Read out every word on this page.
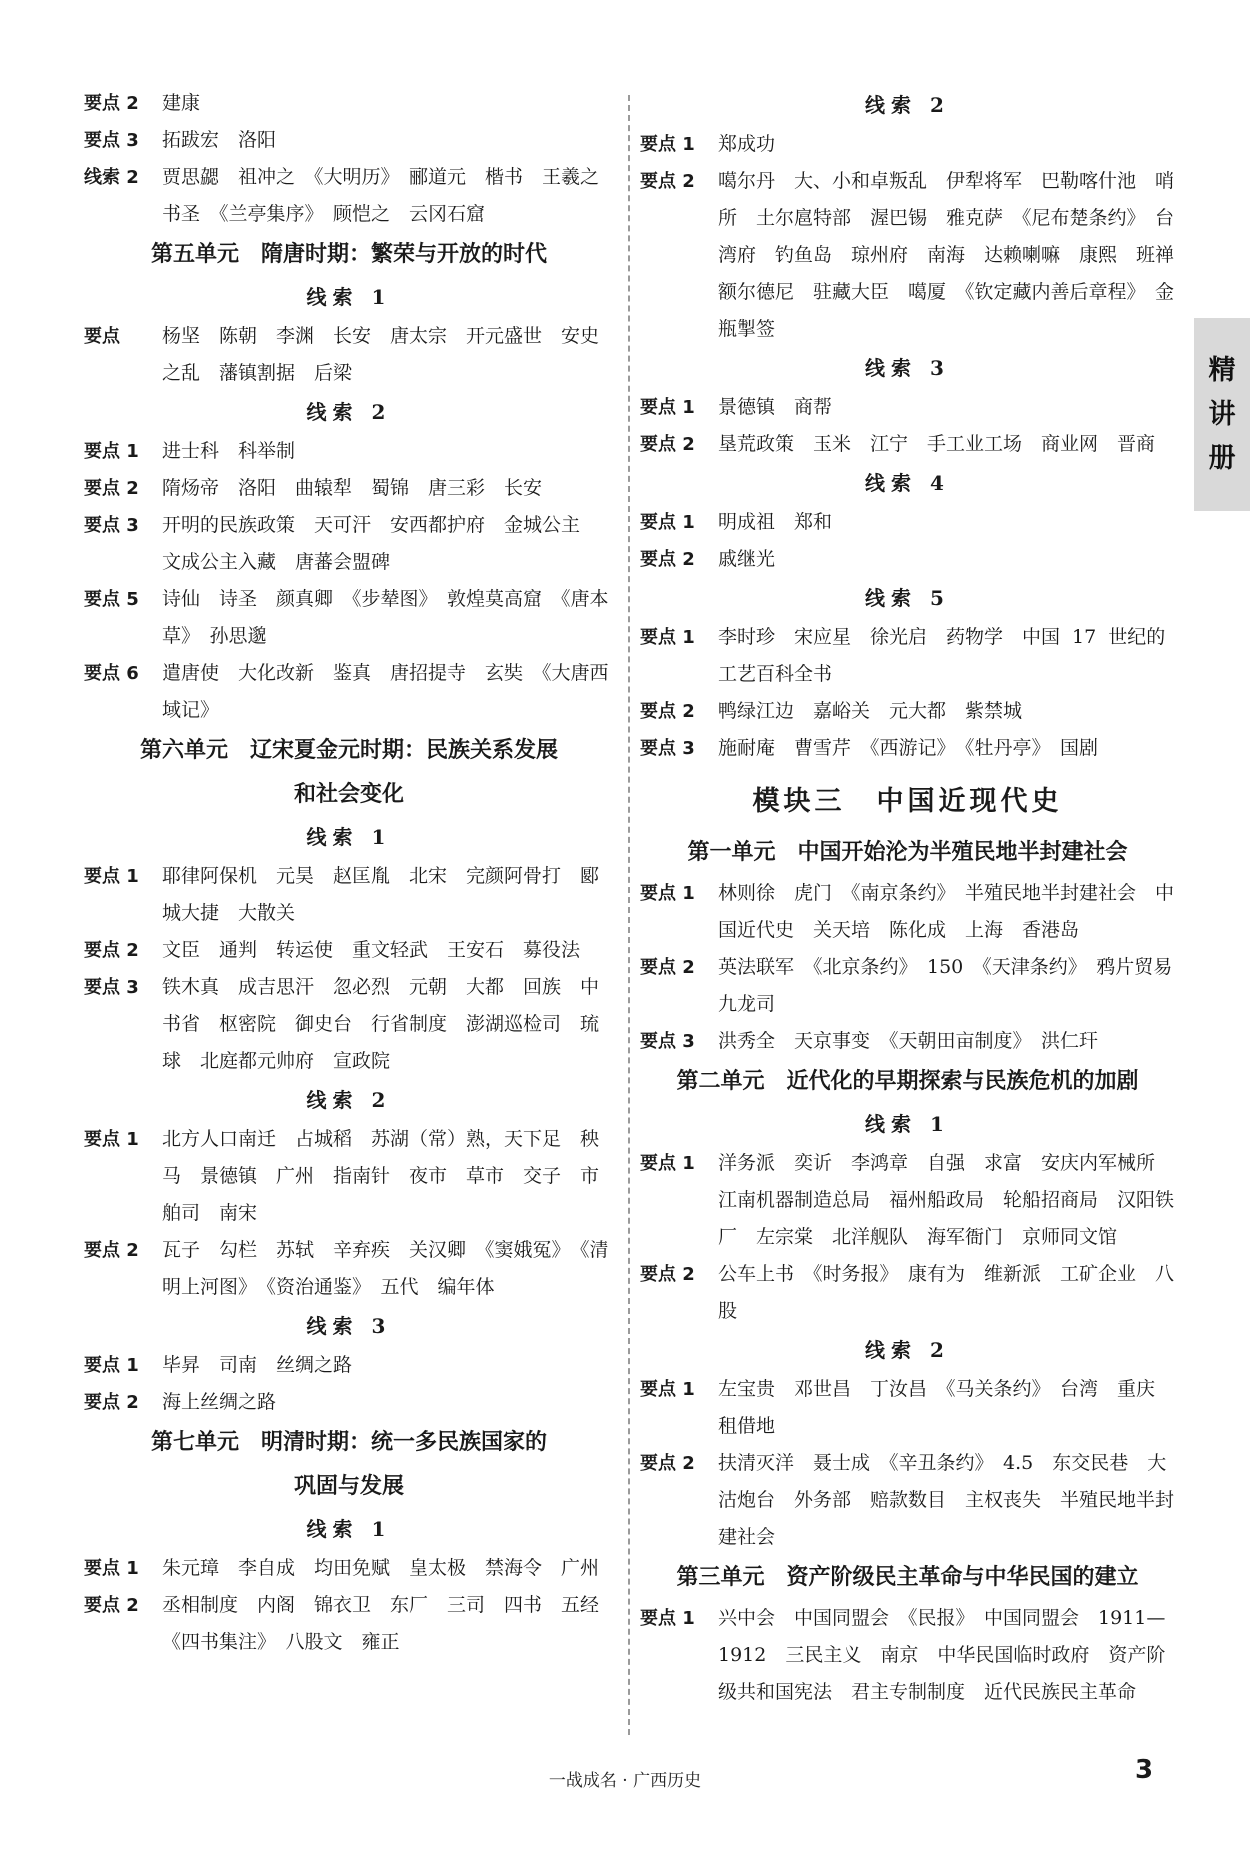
要点 2	建康
要点 3	拓跋宏　洛阳
线索 2	贾思勰　祖冲之　《大明历》　郦道元　楷书　王羲之　书圣　《兰亭集序》　顾恺之　云冈石窟
第五单元　隋唐时期：繁荣与开放的时代
线索 1
要点	杨坚　陈朝　李渊　长安　唐太宗　开元盛世　安史之乱　藩镇割据　后梁
线索 2
要点 1	进士科　科举制
要点 2	隋炀帝　洛阳　曲辕犁　蜀锦　唐三彩　长安
要点 3	开明的民族政策　天可汗　安西都护府　金城公主　文成公主入藏　唐蕃会盟碑
要点 5	诗仙　诗圣　颜真卿　《步辇图》　敦煌莫高窟　《唐本草》　孙思邈
要点 6	遣唐使　大化改新　鉴真　唐招提寺　玄奘　《大唐西域记》
第六单元　辽宋夏金元时期：民族关系发展
和社会变化
线索 1
要点 1	耶律阿保机　元昊　赵匡胤　北宋　完颜阿骨打　郾城大捷　大散关
要点 2	文臣　通判　转运使　重文轻武　王安石　募役法
要点 3	铁木真　成吉思汗　忽必烈　元朝　大都　回族　中书省　枢密院　御史台　行省制度　澎湖巡检司　琉球　北庭都元帅府　宣政院
线索 2
要点 1	北方人口南迁　占城稻　苏湖（常）熟，天下足　秧马　景德镇　广州　指南针　夜市　草市　交子　市舶司　南宋
要点 2	瓦子　勾栏　苏轼　辛弃疾　关汉卿　《窦娥冤》　《清明上河图》　《资治通鉴》　五代　编年体
线索 3
要点 1	毕昇　司南　丝绸之路
要点 2	海上丝绸之路
第七单元　明清时期：统一多民族国家的
巩固与发展
线索 1
要点 1	朱元璋　李自成　均田免赋　皇太极　禁海令　广州
要点 2	丞相制度　内阁　锦衣卫　东厂　三司　四书　五经　《四书集注》　八股文　雍正
线索 2
要点 1	郑成功
要点 2	噶尔丹　大、小和卓叛乱　伊犁将军　巴勒喀什池　哨所　土尔扈特部　渥巴锡　雅克萨　《尼布楚条约》　台湾府　钓鱼岛　琼州府　南海　达赖喇嘛　康熙　班禅额尔德尼　驻藏大臣　噶厦　《钦定藏内善后章程》　金瓶掣签
线索 3
要点 1	景德镇　商帮
要点 2	垦荒政策　玉米　江宁　手工业工场　商业网　晋商
线索 4
要点 1	明成祖　郑和
要点 2	戚继光
线索 5
要点 1	李时珍　宋应星　徐光启　药物学　中国 17 世纪的工艺百科全书
要点 2	鸭绿江边　嘉峪关　元大都　紫禁城
要点 3	施耐庵　曹雪芹　《西游记》　《牡丹亭》　国剧
模块三　中国近现代史
第一单元　中国开始沦为半殖民地半封建社会
要点 1	林则徐　虎门　《南京条约》　半殖民地半封建社会　中国近代史　关天培　陈化成　上海　香港岛
要点 2	英法联军　《北京条约》　150　《天津条约》　鸦片贸易　九龙司
要点 3	洪秀全　天京事变　《天朝田亩制度》　洪仁玕
第二单元　近代化的早期探索与民族危机的加剧
线索 1
要点 1	洋务派　奕䜣　李鸿章　自强　求富　安庆内军械所　江南机器制造总局　福州船政局　轮船招商局　汉阳铁厂　左宗棠　北洋舰队　海军衙门　京师同文馆
要点 2	公车上书　《时务报》　康有为　维新派　工矿企业　八股
线索 2
要点 1	左宝贵　邓世昌　丁汝昌　《马关条约》　台湾　重庆　租借地
要点 2	扶清灭洋　聂士成　《辛丑条约》　4.5　东交民巷　大沽炮台　外务部　赔款数目　主权丧失　半殖民地半封建社会
第三单元　资产阶级民主革命与中华民国的建立
要点 1	兴中会　中国同盟会　《民报》　中国同盟会　1911—1912　三民主义　南京　中华民国临时政府　资产阶级共和国宪法　君主专制制度　近代民族民主革命
精
讲
册
一战成名 · 广西历史	3
